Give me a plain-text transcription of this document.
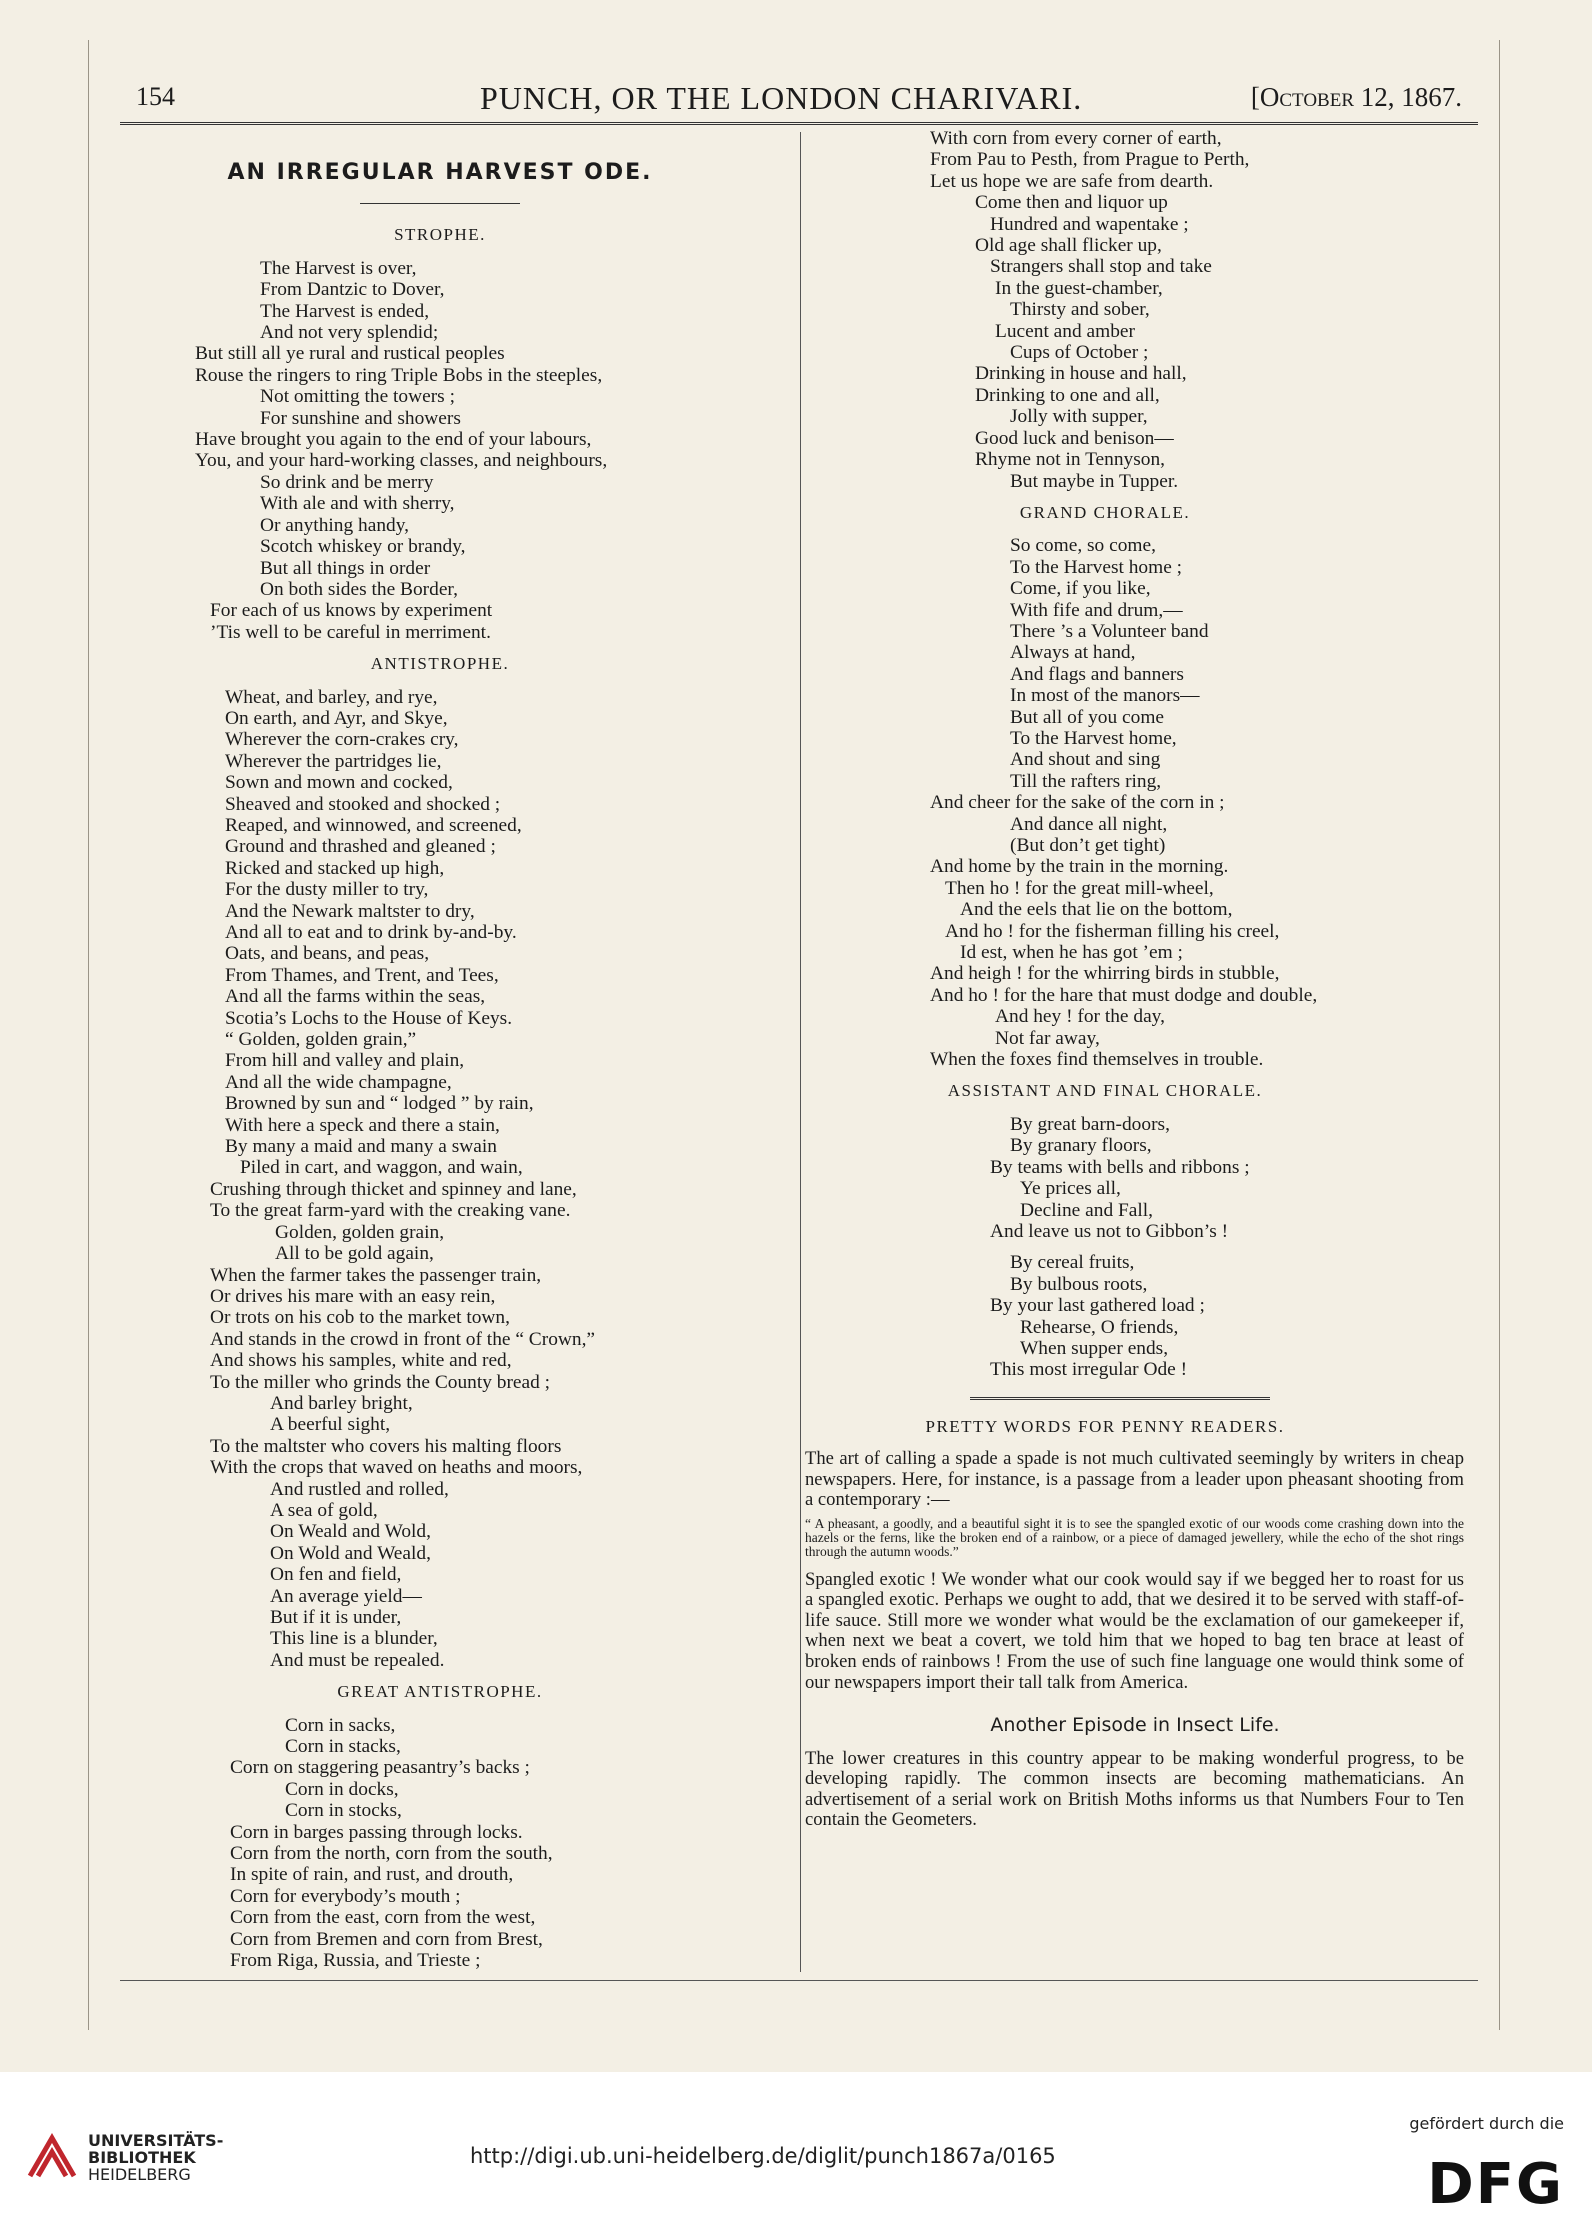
154	PUNCH, OR THE LONDON CHARIVARI.	[October 12, 1867.
AN IRREGULAR HARVEST ODE.
STROPHE.
The Harvest is over,
From Dantzic to Dover,
The Harvest is ended,
And not very splendid;
But still all ye rural and rustical peoples
Rouse the ringers to ring Triple Bobs in the steeples,
Not omitting the towers ;
For sunshine and showers
Have brought you again to the end of your labours,
You, and your hard-working classes, and neighbours,
So drink and be merry
With ale and with sherry,
Or anything handy,
Scotch whiskey or brandy,
But all things in order
On both sides the Border,
For each of us knows by experiment
’Tis well to be careful in merriment.
ANTISTROPHE.
Wheat, and barley, and rye,
On earth, and Ayr, and Skye,
Wherever the corn-crakes cry,
Wherever the partridges lie,
Sown and mown and cocked,
Sheaved and stooked and shocked ;
Reaped, and winnowed, and screened,
Ground and thrashed and gleaned ;
Ricked and stacked up high,
For the dusty miller to try,
And the Newark maltster to dry,
And all to eat and to drink by-and-by.
Oats, and beans, and peas,
From Thames, and Trent, and Tees,
And all the farms within the seas,
Scotia’s Lochs to the House of Keys.
“ Golden, golden grain,”
From hill and valley and plain,
And all the wide champagne,
Browned by sun and “ lodged ” by rain,
With here a speck and there a stain,
By many a maid and many a swain
Piled in cart, and waggon, and wain,
Crushing through thicket and spinney and lane,
To the great farm-yard with the creaking vane.
Golden, golden grain,
All to be gold again,
When the farmer takes the passenger train,
Or drives his mare with an easy rein,
Or trots on his cob to the market town,
And stands in the crowd in front of the “ Crown,”
And shows his samples, white and red,
To the miller who grinds the County bread ;
And barley bright,
A beerful sight,
To the maltster who covers his malting floors
With the crops that waved on heaths and moors,
And rustled and rolled,
A sea of gold,
On Weald and Wold,
On Wold and Weald,
On fen and field,
An average yield—
But if it is under,
This line is a blunder,
And must be repealed.
GREAT ANTISTROPHE.
Corn in sacks,
Corn in stacks,
Corn on staggering peasantry’s backs ;
Corn in docks,
Corn in stocks,
Corn in barges passing through locks.
Corn from the north, corn from the south,
In spite of rain, and rust, and drouth,
Corn for everybody’s mouth ;
Corn from the east, corn from the west,
Corn from Bremen and corn from Brest,
From Riga, Russia, and Trieste ;
With corn from every corner of earth,
From Pau to Pesth, from Prague to Perth,
Let us hope we are safe from dearth.
Come then and liquor up
Hundred and wapentake ;
Old age shall flicker up,
Strangers shall stop and take
In the guest-chamber,
Thirsty and sober,
Lucent and amber
Cups of October ;
Drinking in house and hall,
Drinking to one and all,
Jolly with supper,
Good luck and benison—
Rhyme not in Tennyson,
But maybe in Tupper.
GRAND CHORALE.
So come, so come,
To the Harvest home ;
Come, if you like,
With fife and drum,—
There ’s a Volunteer band
Always at hand,
And flags and banners
In most of the manors—
But all of you come
To the Harvest home,
And shout and sing
Till the rafters ring,
And cheer for the sake of the corn in ;
And dance all night,
(But don’t get tight)
And home by the train in the morning.
Then ho ! for the great mill-wheel,
And the eels that lie on the bottom,
And ho ! for the fisherman filling his creel,
Id est, when he has got ’em ;
And heigh ! for the whirring birds in stubble,
And ho ! for the hare that must dodge and double,
And hey ! for the day,
Not far away,
When the foxes find themselves in trouble.
ASSISTANT AND FINAL CHORALE.
By great barn-doors,
By granary floors,
By teams with bells and ribbons ;
Ye prices all,
Decline and Fall,
And leave us not to Gibbon’s !
By cereal fruits,
By bulbous roots,
By your last gathered load ;
Rehearse, O friends,
When supper ends,
This most irregular Ode !
PRETTY WORDS FOR PENNY READERS.

The art of calling a spade a spade is not much cultivated seemingly by writers in cheap newspapers. Here, for instance, is a passage from a leader upon pheasant shooting from a contemporary :—

“ A pheasant, a goodly, and a beautiful sight it is to see the spangled exotic of our woods come crashing down into the hazels or the ferns, like the broken end of a rainbow, or a piece of damaged jewellery, while the echo of the shot rings through the autumn woods.”

Spangled exotic ! We wonder what our cook would say if we begged her to roast for us a spangled exotic. Perhaps we ought to add, that we desired it to be served with staff-of-life sauce. Still more we wonder what would be the exclamation of our gamekeeper if, when next we beat a covert, we told him that we hoped to bag ten brace at least of broken ends of rainbows ! From the use of such fine language one would think some of our newspapers import their tall talk from America.

Another Episode in Insect Life.

The lower creatures in this country appear to be making wonderful progress, to be developing rapidly. The common insects are becoming mathematicians. An advertisement of a serial work on British Moths informs us that Numbers Four to Ten contain the Geometers.

UNIVERSITÄTS-
BIBLIOTHEK
HEIDELBERG
http://digi.ub.uni-heidelberg.de/diglit/punch1867a/0165
gefördert durch die
DFG
